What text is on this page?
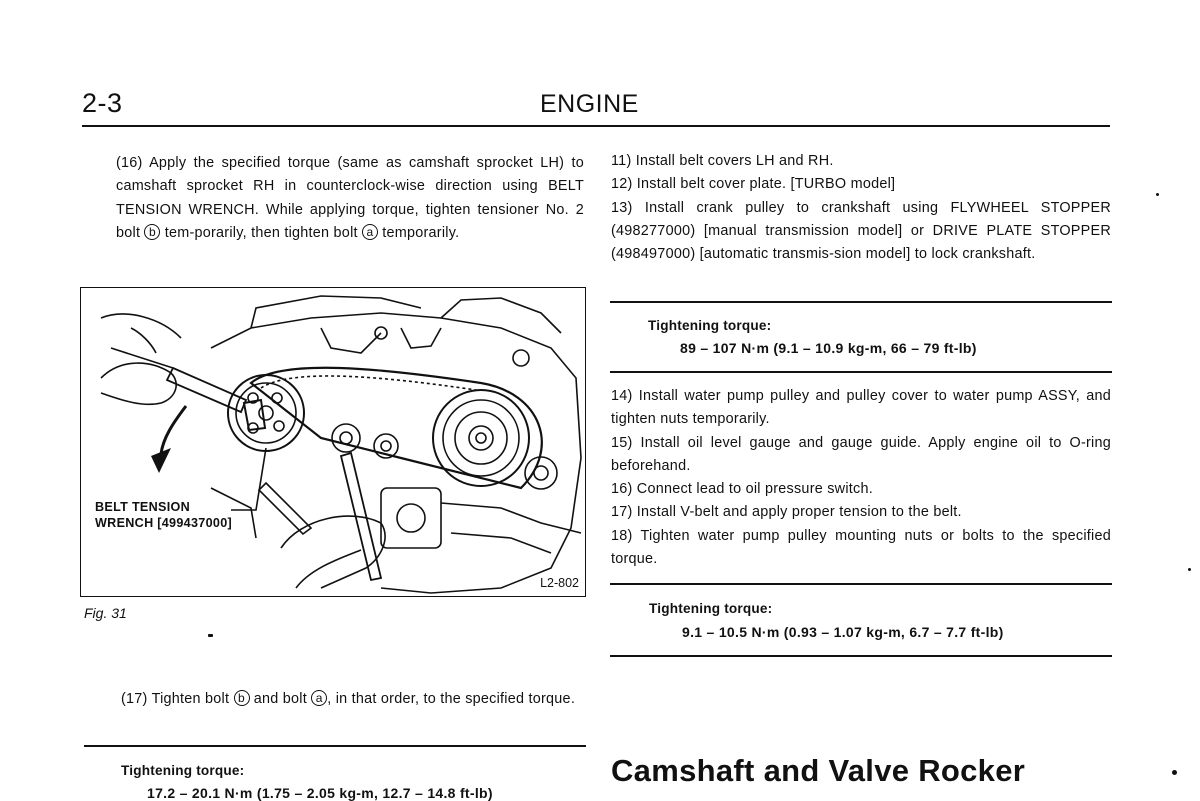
2-3	ENGINE
(16) Apply the specified torque (same as camshaft sprocket LH) to camshaft sprocket RH in counterclock-wise direction using BELT TENSION WRENCH. While applying torque, tighten tensioner No. 2 bolt b tem-porarily, then tighten bolt a temporarily.
BELT TENSION
WRENCH [499437000]
L2-802
Fig. 31
(17) Tighten bolt b and bolt a , in that order, to the specified torque.
Tightening torque:
17.2 – 20.1 N·m (1.75 – 2.05 kg-m, 12.7 – 14.8 ft-lb)

11) Install belt covers LH and RH.

12) Install belt cover plate. [TURBO model]

13) Install crank pulley to crankshaft using FLYWHEEL STOPPER (498277000) [manual transmission model] or DRIVE PLATE STOPPER (498497000) [automatic transmis-sion model] to lock crankshaft.

Tightening torque:
89 – 107 N·m (9.1 – 10.9 kg-m, 66 – 79 ft-lb)

14) Install water pump pulley and pulley cover to water pump ASSY, and tighten nuts temporarily.

15) Install oil level gauge and gauge guide. Apply engine oil to O-ring beforehand.

16) Connect lead to oil pressure switch.

17) Install V-belt and apply proper tension to the belt.

18) Tighten water pump pulley mounting nuts or bolts to the specified torque.

Tightening torque:
9.1 – 10.5 N·m (0.93 – 1.07 kg-m, 6.7 – 7.7 ft-lb)
Camshaft and Valve Rocker
